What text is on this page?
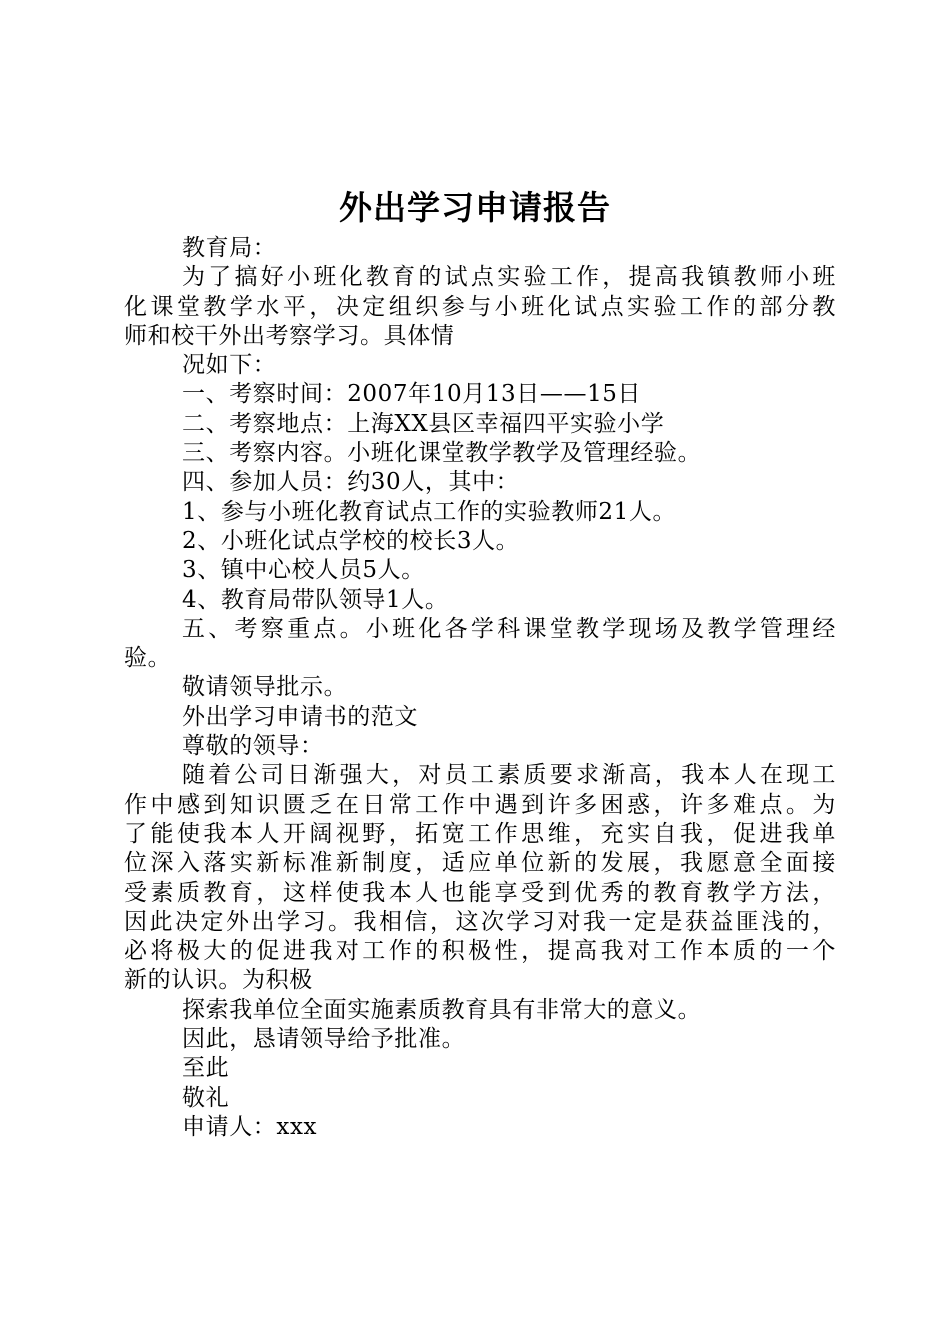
外出学习申请报告

教育局：

为了搞好小班化教育的试点实验工作，提高我镇教师小班

化课堂教学水平，决定组织参与小班化试点实验工作的部分教

师和校干外出考察学习。具体情

况如下：

一、考察时间：2007年10月13日——15日

二、考察地点：上海XX县区幸福四平实验小学

三、考察内容。小班化课堂教学教学及管理经验。

四、参加人员：约30人，其中：

1、参与小班化教育试点工作的实验教师21人。

2、小班化试点学校的校长3人。

3、镇中心校人员5人。

4、教育局带队领导1人。

五、考察重点。小班化各学科课堂教学现场及教学管理经

验。

敬请领导批示。

外出学习申请书的范文

尊敬的领导：

随着公司日渐强大，对员工素质要求渐高，我本人在现工

作中感到知识匮乏在日常工作中遇到许多困惑，许多难点。为

了能使我本人开阔视野，拓宽工作思维，充实自我，促进我单

位深入落实新标准新制度，适应单位新的发展，我愿意全面接

受素质教育，这样使我本人也能享受到优秀的教育教学方法，

因此决定外出学习。我相信，这次学习对我一定是获益匪浅的，

必将极大的促进我对工作的积极性，提高我对工作本质的一个

新的认识。为积极

探索我单位全面实施素质教育具有非常大的意义。

因此，恳请领导给予批准。

至此

敬礼

申请人：xxx
